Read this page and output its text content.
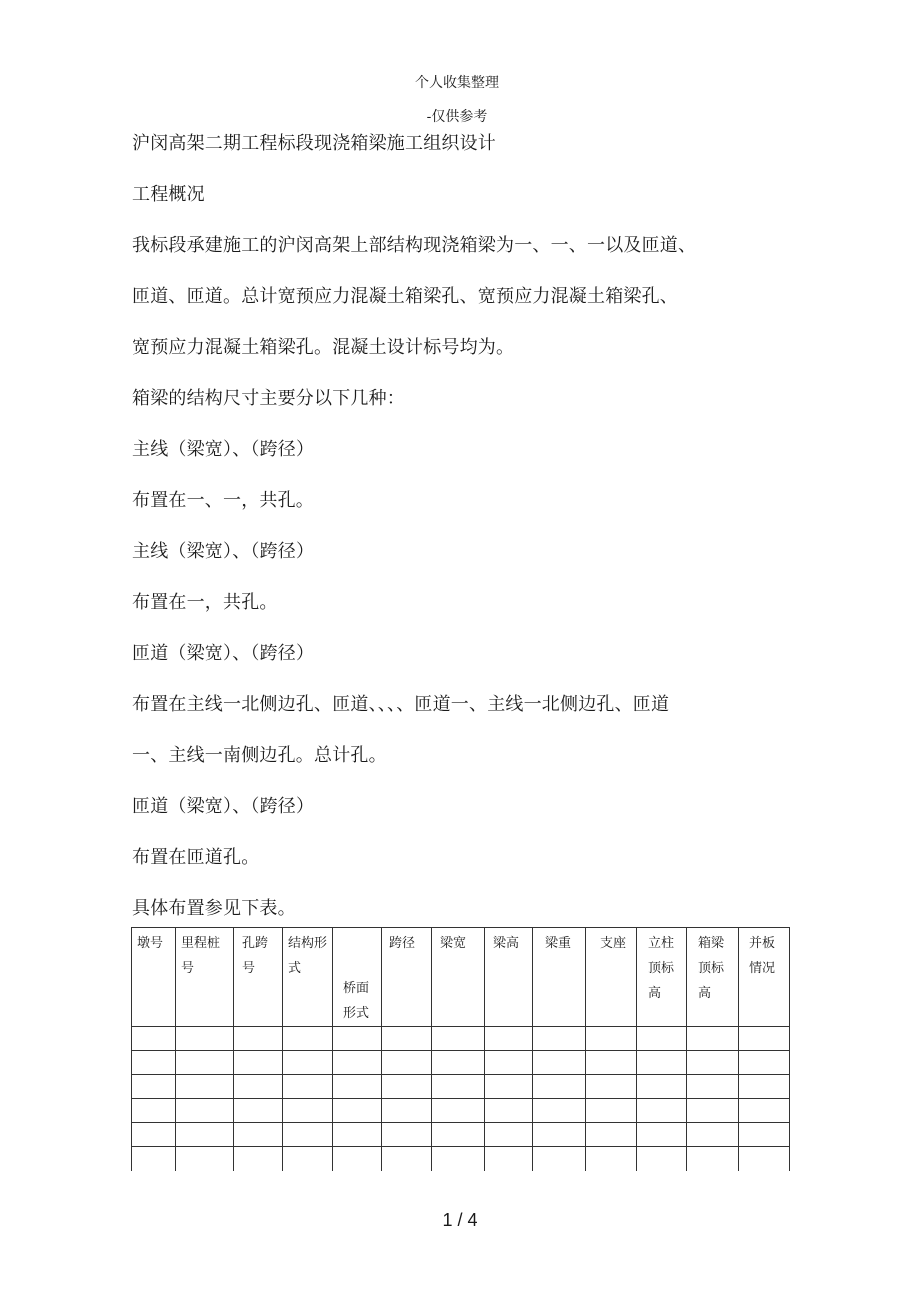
个人收集整理
-仅供参考
沪闵高架二期工程标段现浇箱梁施工组织设计
工程概况
我标段承建施工的沪闵高架上部结构现浇箱梁为一、一、一以及匝道、
匝道、匝道。总计宽预应力混凝土箱梁孔、宽预应力混凝土箱梁孔、
宽预应力混凝土箱梁孔。混凝土设计标号均为。
箱梁的结构尺寸主要分以下几种：
主线（梁宽）、（跨径）
布置在一、一，共孔。
主线（梁宽）、（跨径）
布置在一，共孔。
匝道（梁宽）、（跨径）
布置在主线一北侧边孔、匝道、、、、匝道一、主线一北侧边孔、匝道
一、主线一南侧边孔。总计孔。
匝道（梁宽）、（跨径）
布置在匝道孔。
具体布置参见下表。
墩号	里程桩号	孔跨号	结构形式	桥面形式	跨径	梁宽	梁高	梁重	支座	立柱顶标高	箱梁顶标高	并板情况

1 / 4
